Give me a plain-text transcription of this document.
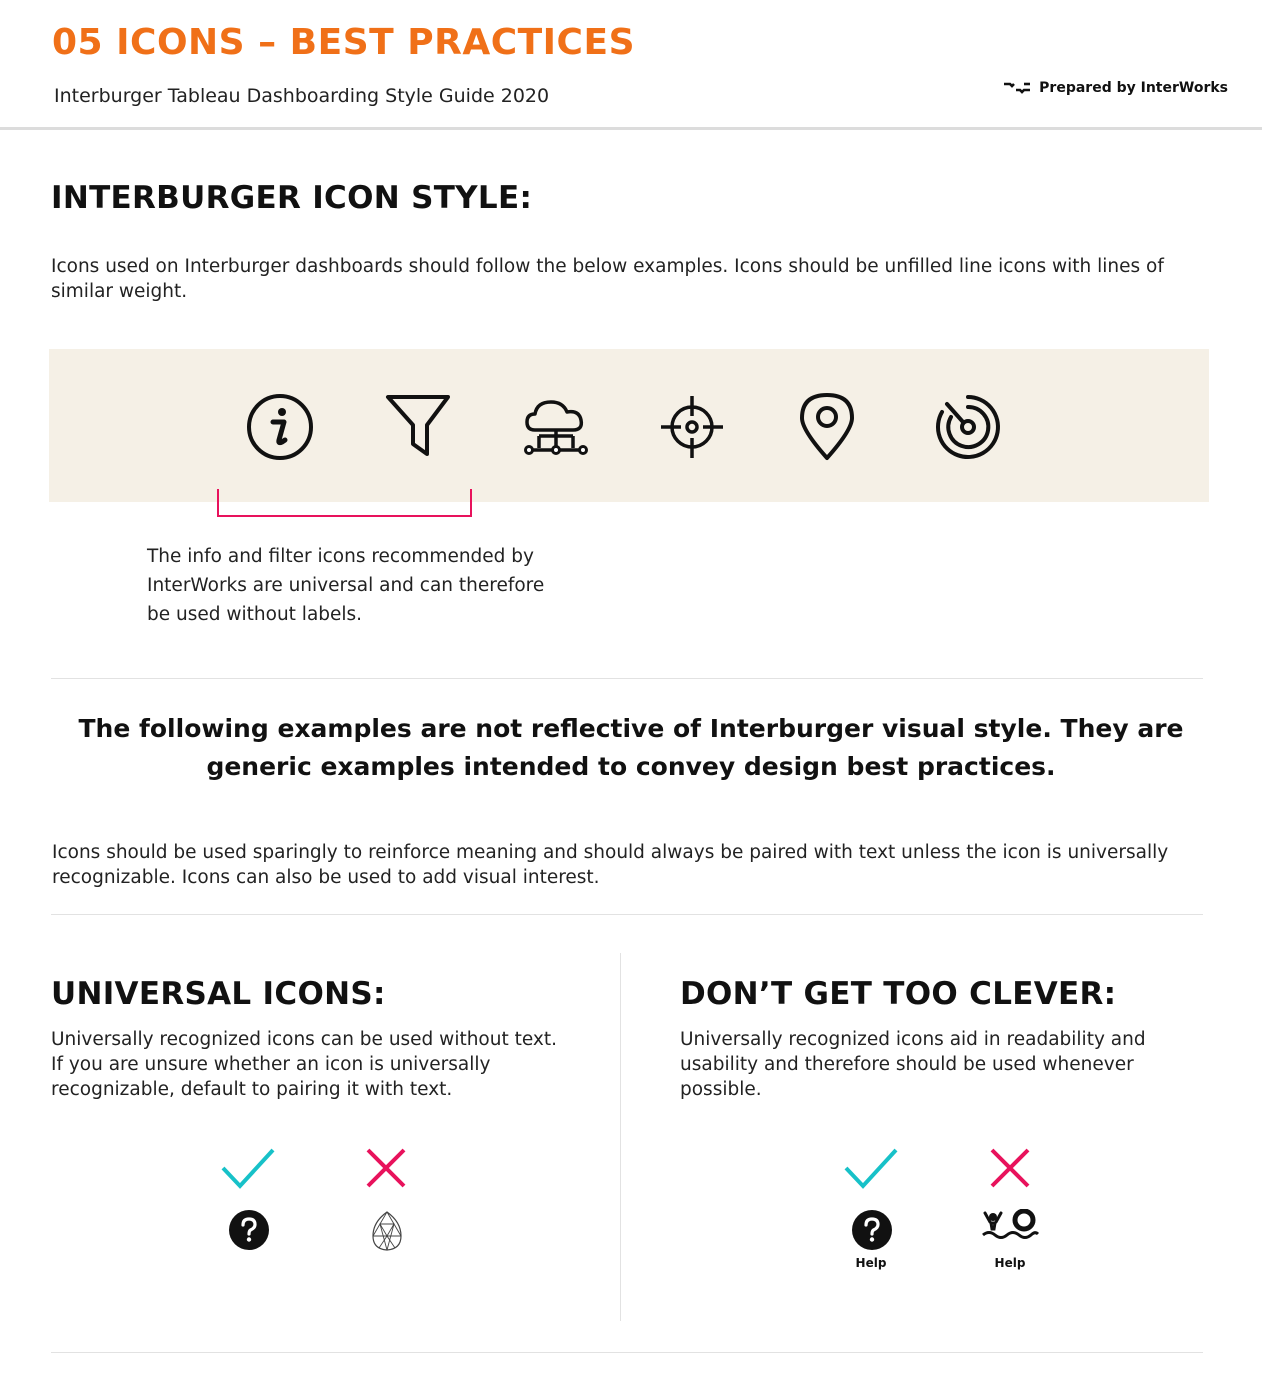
05 ICONS – BEST PRACTICES
Interburger Tableau Dashboarding Style Guide 2020	Prepared by InterWorks
INTERBURGER ICON STYLE:

Icons used on Interburger dashboards should follow the below examples. Icons should be unfilled line icons with lines of similar weight.

The info and filter icons recommended by InterWorks are universal and can therefore be used without labels.

The following examples are not reflective of Interburger visual style. They are generic examples intended to convey design best practices.

Icons should be used sparingly to reinforce meaning and should always be paired with text unless the icon is universally recognizable. Icons can also be used to add visual interest.

UNIVERSAL ICONS:

Universally recognized icons can be used without text. If you are unsure whether an icon is universally recognizable, default to pairing it with text.

DON’T GET TOO CLEVER:

Universally recognized icons aid in readability and usability and therefore should be used whenever possible.

Help	Help
